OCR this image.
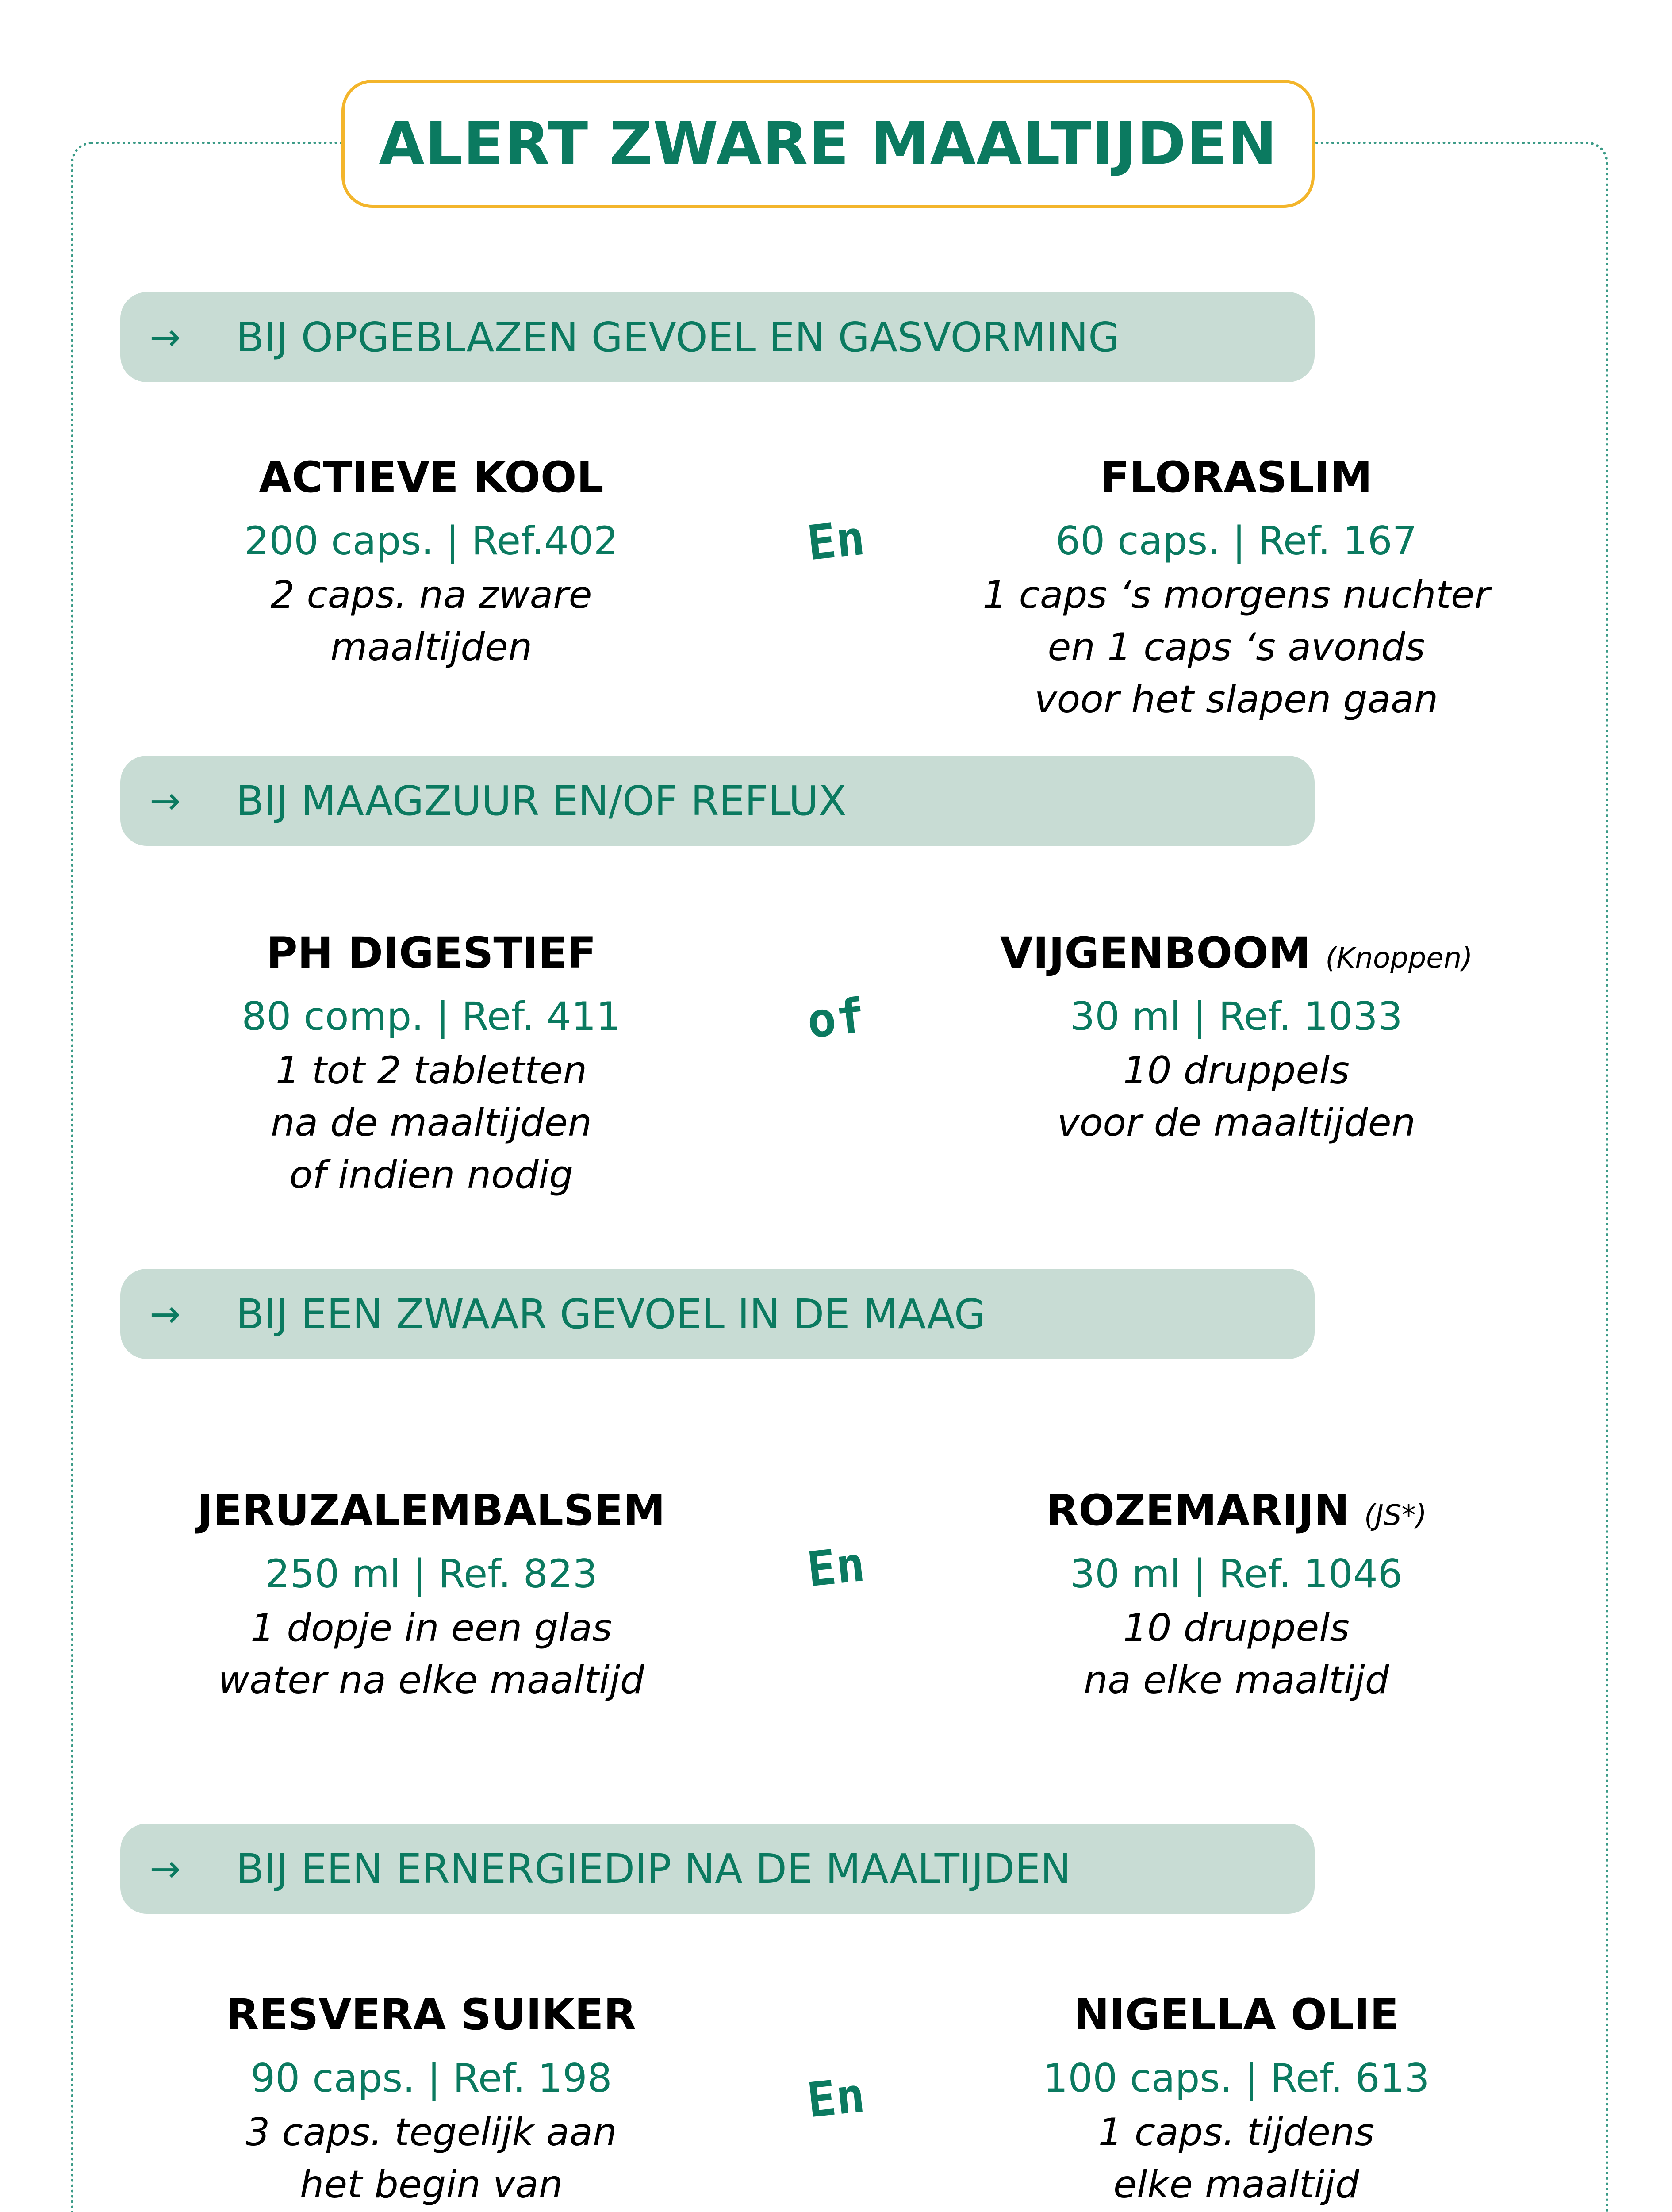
ALERT ZWARE MAALTIJDEN
→ BIJ OPGEBLAZEN GEVOEL EN GASVORMING
ACTIEVE KOOL
200 caps. | Ref.402
2 caps. na zware
maaltijden
En
FLORASLIM
60 caps. | Ref. 167
1 caps ‘s morgens nuchter
en 1 caps ‘s avonds
voor het slapen gaan
→ BIJ MAAGZUUR EN/OF REFLUX
PH DIGESTIEF
80 comp. | Ref. 411
1 tot 2 tabletten
na de maaltijden
of indien nodig
of
VIJGENBOOM (Knoppen)
30 ml | Ref. 1033
10 druppels
voor de maaltijden
→ BIJ EEN ZWAAR GEVOEL IN DE MAAG
JERUZALEMBALSEM
250 ml | Ref. 823
1 dopje in een glas
water na elke maaltijd
En
ROZEMARIJN (JS*)
30 ml | Ref. 1046
10 druppels
na elke maaltijd
→ BIJ EEN ERNERGIEDIP NA DE MAALTIJDEN
RESVERA SUIKER
90 caps. | Ref. 198
3 caps. tegelijk aan
het begin van
En
NIGELLA OLIE
100 caps. | Ref. 613
1 caps. tijdens
elke maaltijd
